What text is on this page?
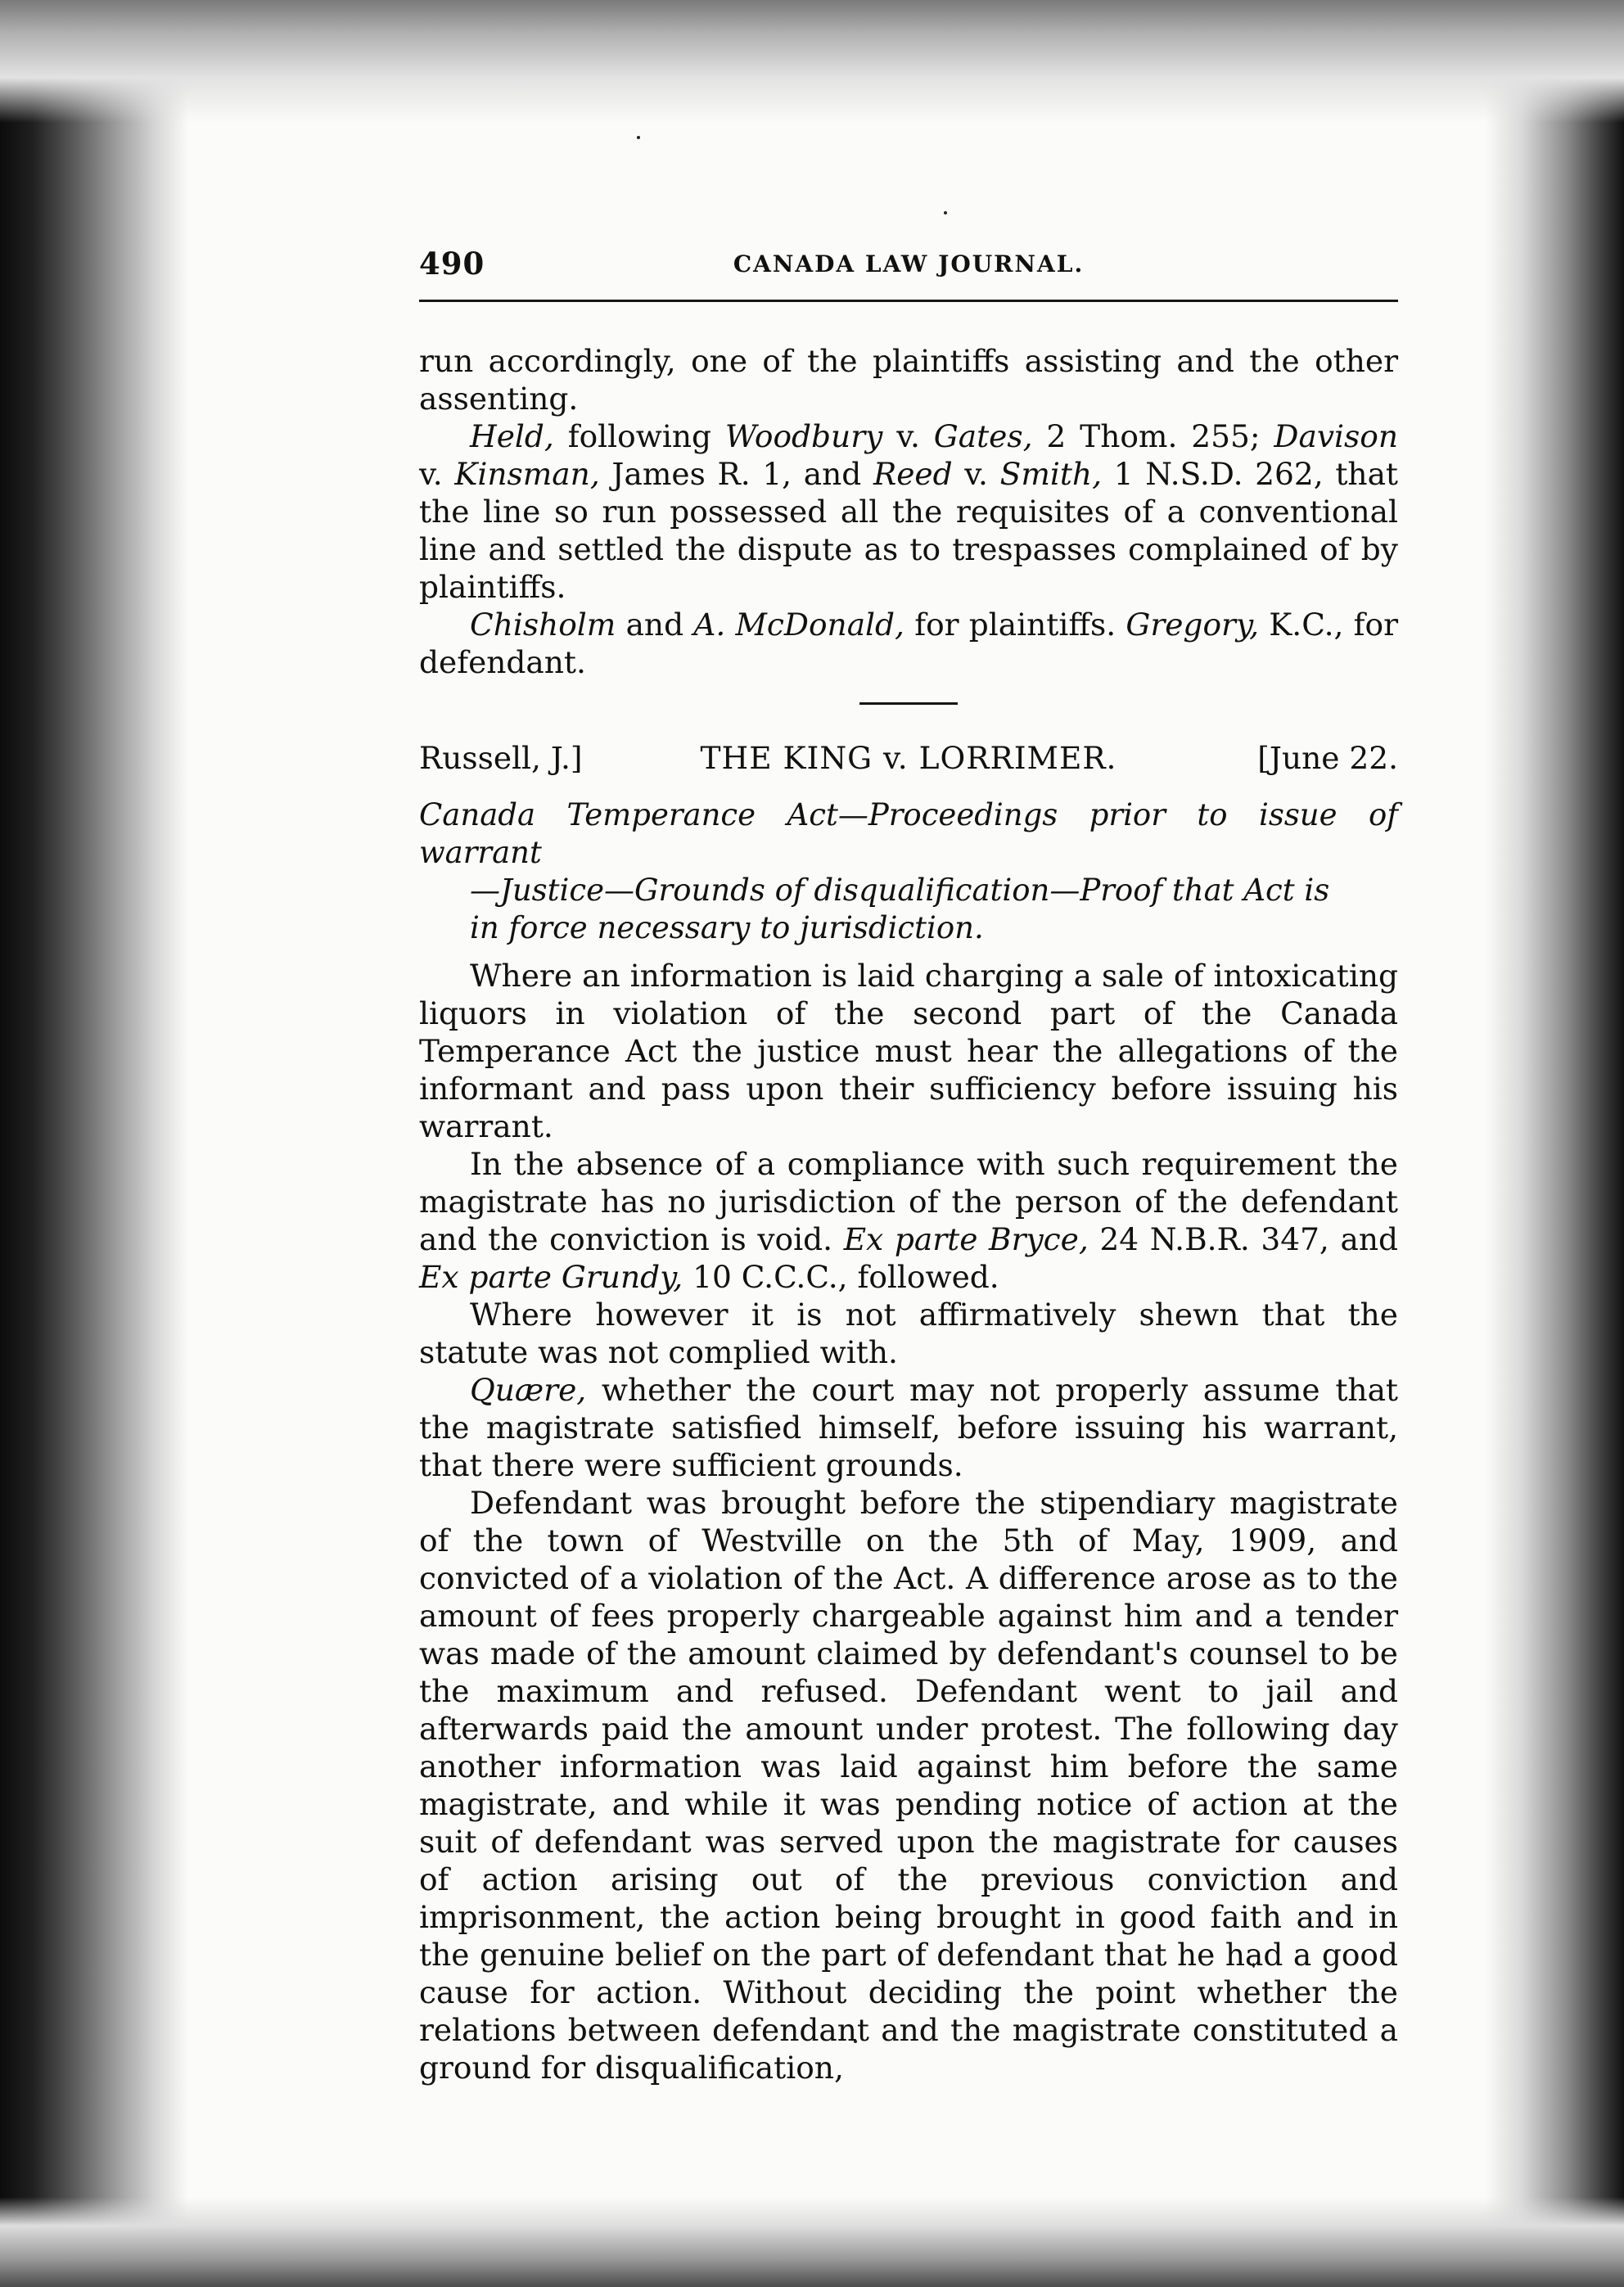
490	CANADA LAW JOURNAL.

run accordingly, one of the plaintiffs assisting and the other assenting.

Held, following Woodbury v. Gates, 2 Thom. 255; Davison v. Kinsman, James R. 1, and Reed v. Smith, 1 N.S.D. 262, that the line so run possessed all the requisites of a conventional line and settled the dispute as to trespasses complained of by plaintiffs.

Chisholm and A. McDonald, for plaintiffs. Gregory, K.C., for defendant.

Russell, J.]	THE KING v. LORRIMER.	[June 22.

Canada Temperance Act—Proceedings prior to issue of warrant

—Justice—Grounds of disqualification—Proof that Act is

in force necessary to jurisdiction.

Where an information is laid charging a sale of intoxicating liquors in violation of the second part of the Canada Temperance Act the justice must hear the allegations of the informant and pass upon their sufficiency before issuing his warrant.

In the absence of a compliance with such requirement the magistrate has no jurisdiction of the person of the defendant and the conviction is void. Ex parte Bryce, 24 N.B.R. 347, and Ex parte Grundy, 10 C.C.C., followed.

Where however it is not affirmatively shewn that the statute was not complied with.

Quære, whether the court may not properly assume that the magistrate satisfied himself, before issuing his warrant, that there were sufficient grounds.

Defendant was brought before the stipendiary magistrate of the town of Westville on the 5th of May, 1909, and convicted of a violation of the Act. A difference arose as to the amount of fees properly chargeable against him and a tender was made of the amount claimed by defendant's counsel to be the maximum and refused. Defendant went to jail and afterwards paid the amount under protest. The following day another information was laid against him before the same magistrate, and while it was pending notice of action at the suit of defendant was served upon the magistrate for causes of action arising out of the previous conviction and imprisonment, the action being brought in good faith and in the genuine belief on the part of defendant that he had a good cause for action. Without deciding the point whether the relations between defendant and the magistrate constituted a ground for disqualification,
